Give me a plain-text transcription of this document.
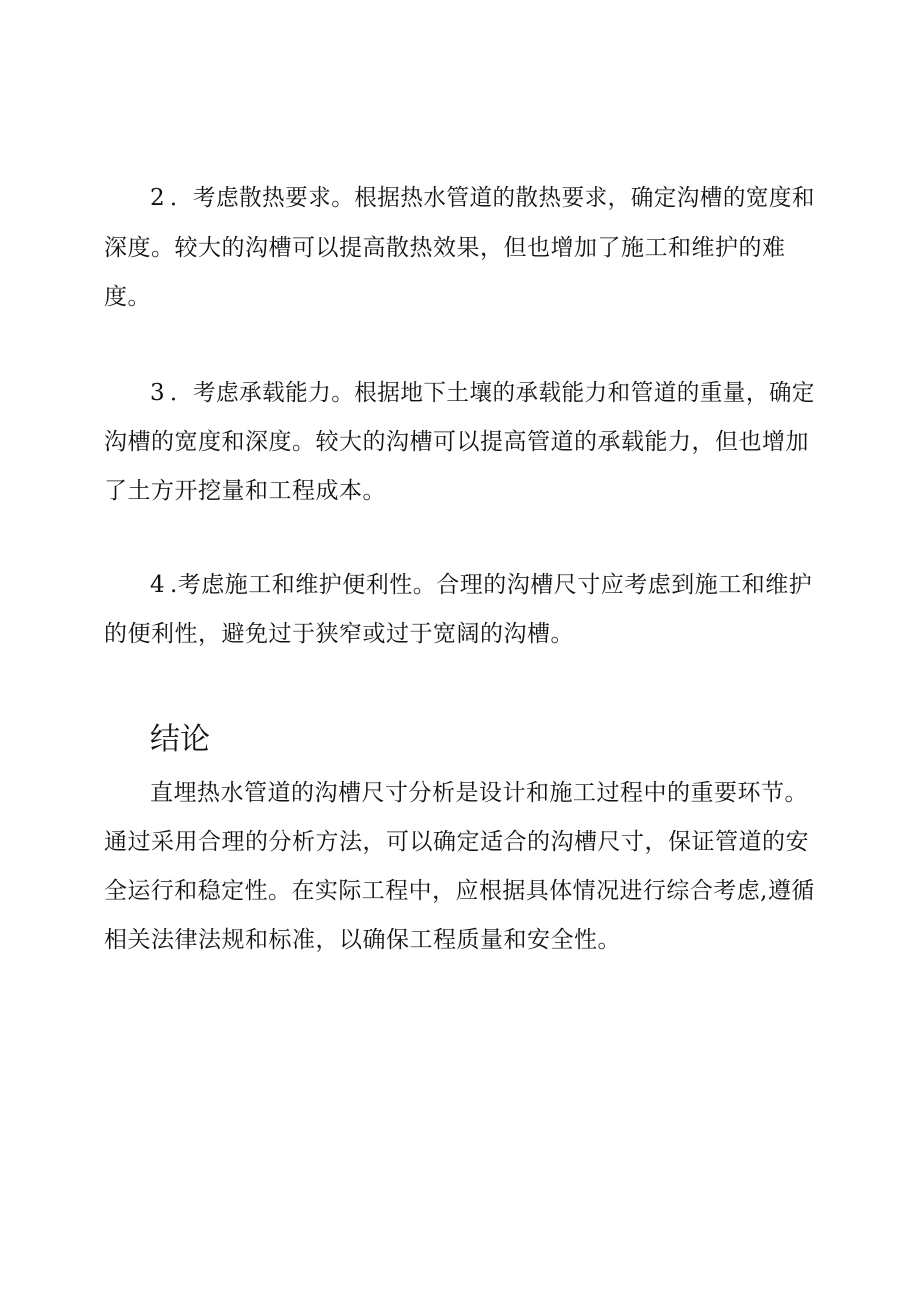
2 ．考虑散热要求。根据热水管道的散热要求，确定沟槽的宽度和
深度。较大的沟槽可以提高散热效果，但也增加了施工和维护的难
度。
3 ．考虑承载能力。根据地下土壤的承载能力和管道的重量，确定
沟槽的宽度和深度。较大的沟槽可以提高管道的承载能力，但也增加
了土方开挖量和工程成本。
4 .考虑施工和维护便利性。合理的沟槽尺寸应考虑到施工和维护
的便利性，避免过于狭窄或过于宽阔的沟槽。
结论
直埋热水管道的沟槽尺寸分析是设计和施工过程中的重要环节。
通过采用合理的分析方法，可以确定适合的沟槽尺寸，保证管道的安
全运行和稳定性。在实际工程中，应根据具体情况进行综合考虑,遵循
相关法律法规和标准，以确保工程质量和安全性。
